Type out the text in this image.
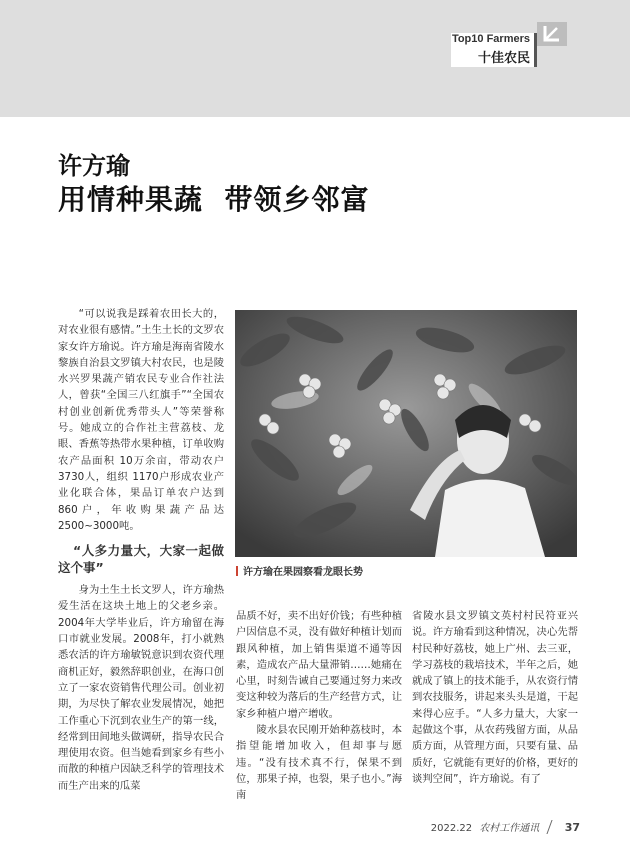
Top10 Farmers
十佳农民
许方瑜
用情种果蔬  带领乡邻富

“可以说我是踩着农田长大的，对农业很有感情。”土生土长的文罗农家女许方瑜说。许方瑜是海南省陵水黎族自治县文罗镇大村农民，也是陵水兴罗果蔬产销农民专业合作社法人，曾获“全国三八红旗手”“全国农村创业创新优秀带头人”等荣誉称号。她成立的合作社主营荔枝、龙眼、香蕉等热带水果种植，订单收购农产品面积 10万余亩，带动农户3730人，组织 1170户形成农业产业化联合体，果品订单农户达到 860户，年收购果蔬产品达 2500~3000吨。

“人多力量大，大家一起做这个事”

身为土生土长文罗人，许方瑜热爱生活在这块土地上的父老乡亲。2004年大学毕业后，许方瑜留在海口市就业发展。2008年，打小就熟悉农活的许方瑜敏锐意识到农资代理商机正好，毅然辞职创业，在海口创立了一家农资销售代理公司。创业初期，为尽快了解农业发展情况，她把工作重心下沉到农业生产的第一线，经常到田间地头做调研，指导农民合理使用农资。但当她看到家乡有些小而散的种植户因缺乏科学的管理技术而生产出来的瓜菜

许方瑜在果园察看龙眼长势

品质不好，卖不出好价钱；有些种植户因信息不灵，没有做好种植计划而跟风种植，加上销售渠道不通等因素，造成农产品大量滞销……她痛在心里，时刻告诫自己要通过努力来改变这种较为落后的生产经营方式，让家乡种植户增产增收。

陵水县农民刚开始种荔枝时，本指望能增加收入，但却事与愿违。“没有技术真不行，保果不到位，那果子掉，也裂，果子也小。”海南

省陵水县文罗镇文英村村民符亚兴说。许方瑜看到这种情况，决心先帮村民种好荔枝，她上广州、去三亚，学习荔枝的栽培技术，半年之后，她就成了镇上的技术能手，从农资行情到农技服务，讲起来头头是道，干起来得心应手。“人多力量大，大家一起做这个事，从农药残留方面，从品质方面，从管理方面，只要有量、品质好，它就能有更好的价格，更好的谈判空间”，许方瑜说。有了

2022.22 农村工作通讯 37
